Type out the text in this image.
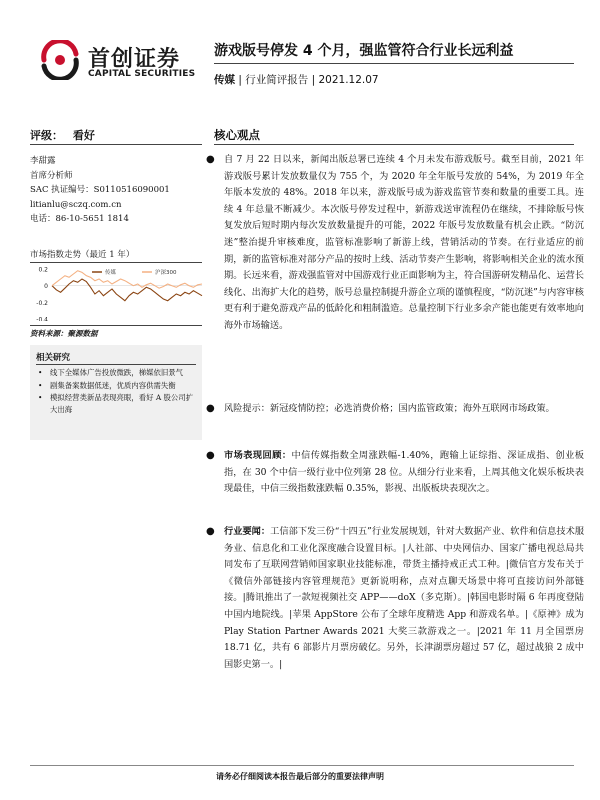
首创证券
CAPITAL SECURITIES
游戏版号停发 4 个月，强监管符合行业长远利益
传媒 | 行业简评报告 | 2021.12.07
评级： 看好
李甜露
首席分析师
SAC 执证编号：S0110516090001
litianlu@sczq.com.cn
电话：86-10-5651 1814
市场指数走势（最近 1 年）
0.2
0
-0.2
-0.4
传媒	沪深300
资料来源：聚源数据
相关研究
• 线下全媒体广告投放微跌，梯媒依旧景气
• 剧集备案数据低迷，优质内容供需失衡
• 模拟经营类新品表现亮眼，看好 A 股公司扩大出海
核心观点
● 自 7 月 22 日以来，新闻出版总署已连续 4 个月未发布游戏版号。截至目前，2021 年游戏版号累计发放数量仅为 755 个，为 2020 年全年版号发放的 54%，为 2019 年全年版本发放的 48%。2018 年以来，游戏版号成为游戏监管节奏和数量的重要工具。连续 4 年总量不断减少。本次版号停发过程中，新游戏送审流程仍在继续，不排除版号恢复发放后短时期内每次发放数量提升的可能，2022 年版号发放数量有机会止跌。“防沉迷”整治提升审核难度，监管标准影响了新游上线，营销活动的节奏。在行业适应的前期，新的监管标准对部分产品的按时上线、活动节奏产生影响，将影响相关企业的流水预期。长远来看，游戏强监管对中国游戏行业正面影响为主，符合国游研发精品化、运营长线化、出海扩大化的趋势，版号总量控制提升游企立项的谨慎程度，“防沉迷”与内容审核更有利于避免游戏产品的低龄化和粗制滥造。总量控制下行业多余产能也能更有效率地向海外市场输送。
● 风险提示：新冠疫情防控；必选消费价格；国内监管政策；海外互联网市场政策。
● 市场表现回顾：中信传媒指数全周涨跌幅-1.40%，跑输上证综指、深证成指、创业板指，在 30 个中信一级行业中位列第 28 位。从细分行业来看，上周其他文化娱乐板块表现最佳，中信三级指数涨跌幅 0.35%，影视、出版板块表现次之。
● 行业要闻：工信部下发三份“十四五”行业发展规划，针对大数据产业、软件和信息技术服务业、信息化和工业化深度融合设置目标。|人社部、中央网信办、国家广播电视总局共同发布了互联网营销师国家职业技能标准，带货主播持戒正式工种。|微信官方发布关于《微信外部链接内容管理规范》更新说明称，点对点聊天场景中将可直接访问外部链接。|腾讯推出了一款短视频社交 APP——doX（多克斯）。|韩国电影时隔 6 年再度登陆中国内地院线。|苹果 AppStore 公布了全球年度精选 App 和游戏名单。|《原神》成为 Play Station Partner Awards 2021 大奖三款游戏之一。|2021 年 11 月全国票房 18.71 亿，共有 6 部影片月票房破亿。另外，长津湖票房超过 57 亿，超过战狼 2 成中国影史第一。|
请务必仔细阅读本报告最后部分的重要法律声明
